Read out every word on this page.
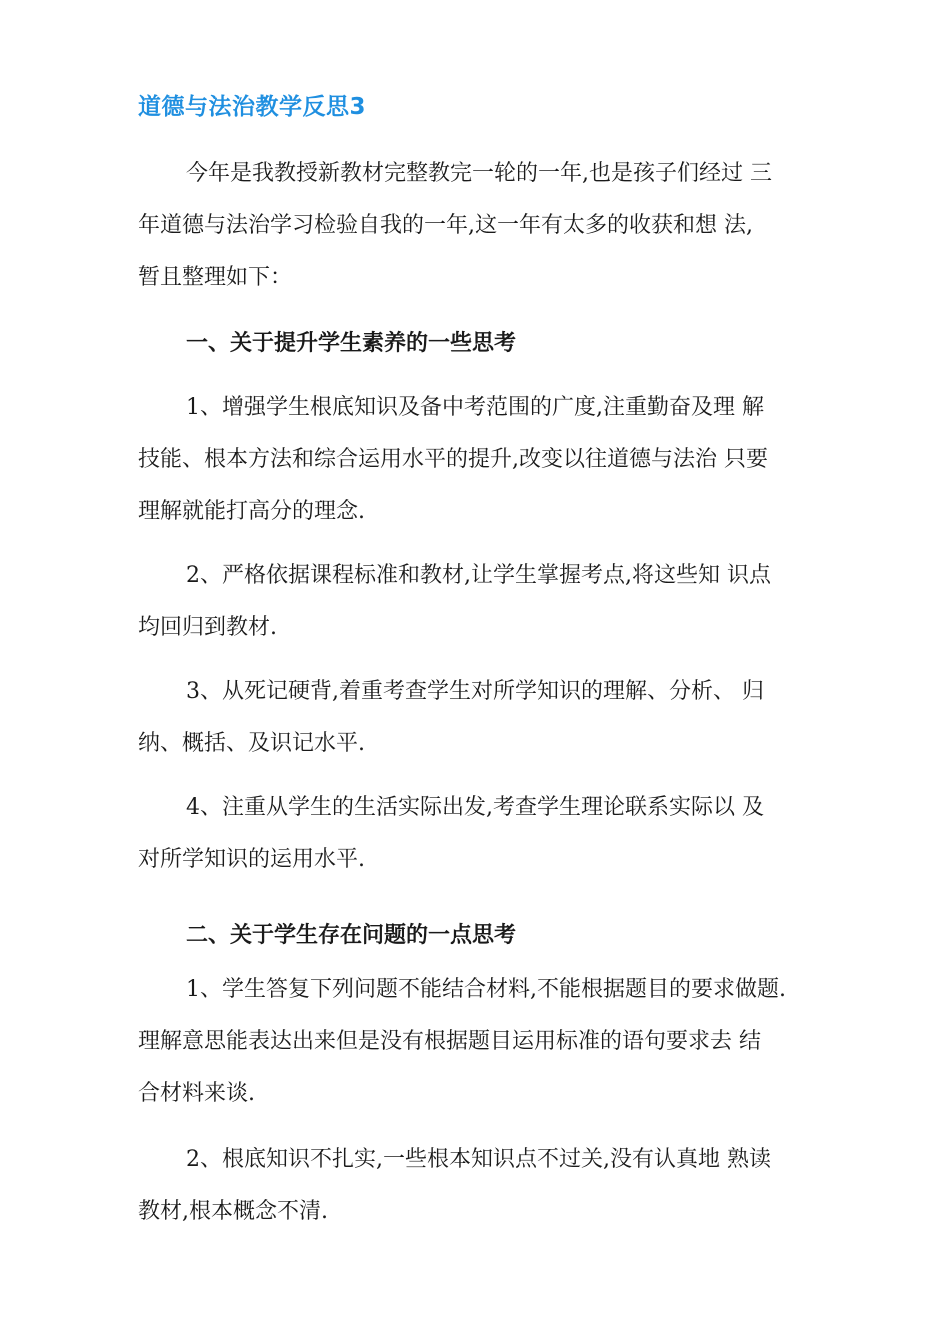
道德与法治教学反思3
今年是我教授新教材完整教完一轮的一年,也是孩子们经过 三
年道德与法治学习检验自我的一年,这一年有太多的收获和想 法,
暂且整理如下：
一、关于提升学生素养的一些思考
1、增强学生根底知识及备中考范围的广度,注重勤奋及理 解
技能、根本方法和综合运用水平的提升,改变以往道德与法治 只要
理解就能打高分的理念.
2、严格依据课程标准和教材,让学生掌握考点,将这些知 识点
均回归到教材.
3、从死记硬背,着重考查学生对所学知识的理解、分析、 归
纳、概括、及识记水平.
4、注重从学生的生活实际出发,考查学生理论联系实际以 及
对所学知识的运用水平.
二、关于学生存在问题的一点思考
1、学生答复下列问题不能结合材料,不能根据题目的要求做题.
理解意思能表达出来但是没有根据题目运用标准的语句要求去 结
合材料来谈.
2、根底知识不扎实,一些根本知识点不过关,没有认真地 熟读
教材,根本概念不清.
